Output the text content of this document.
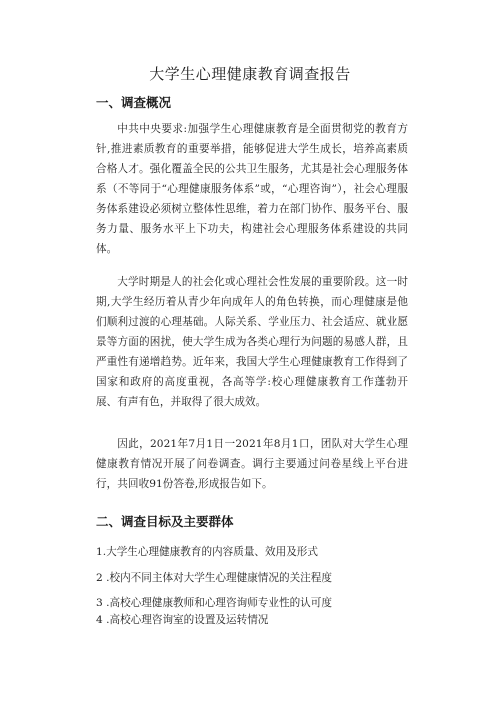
大学生心理健康教育调查报告
一、调查概况

中共中央要求:加强学生心理健康教育是全面贯彻党的教育方针,推进素质教育的重要举措，能够促进大学生成长，培养高素质合格人才。强化覆盖全民的公共卫生服务，尤其是社会心理服务体系（不等同于“心理健康服务体系”或，“心理咨询”），社会心理服务体系建设必须树立整体性思维，着力在部门协作、服务平台、服务力量、服务水平上下功夫，构建社会心理服务体系建设的共同体。

大学时期是人的社会化或心理社会性发展的重要阶段。这一时期,大学生经历着从青少年向成年人的角色转换，而心理健康是他们顺利过渡的心理基础。人际关系、学业压力、社会适应、就业愿景等方面的困扰，使大学生成为各类心理行为问题的易感人群，且严重性有递增趋势。近年来，我国大学生心理健康教育工作得到了国家和政府的高度重视，各高等学:校心理健康教育工作蓬勃开展、有声有色，并取得了很大成效。

因此，2021年7月1日一2021年8月1口，团队对大学生心理健康教育情况开展了问卷调查。调行主要通过问卷星线上平台进行，共回收91份答卷,形成报告如下。

二、调查目标及主要群体
1.大学生心理健康教育的内容质量、效用及形式
2 .校内不同主体对大学生心理健康情况的关注程度
3 .高校心理健康教师和心理咨询师专业性的认可度
4 .高校心理咨询室的设置及运转情况
